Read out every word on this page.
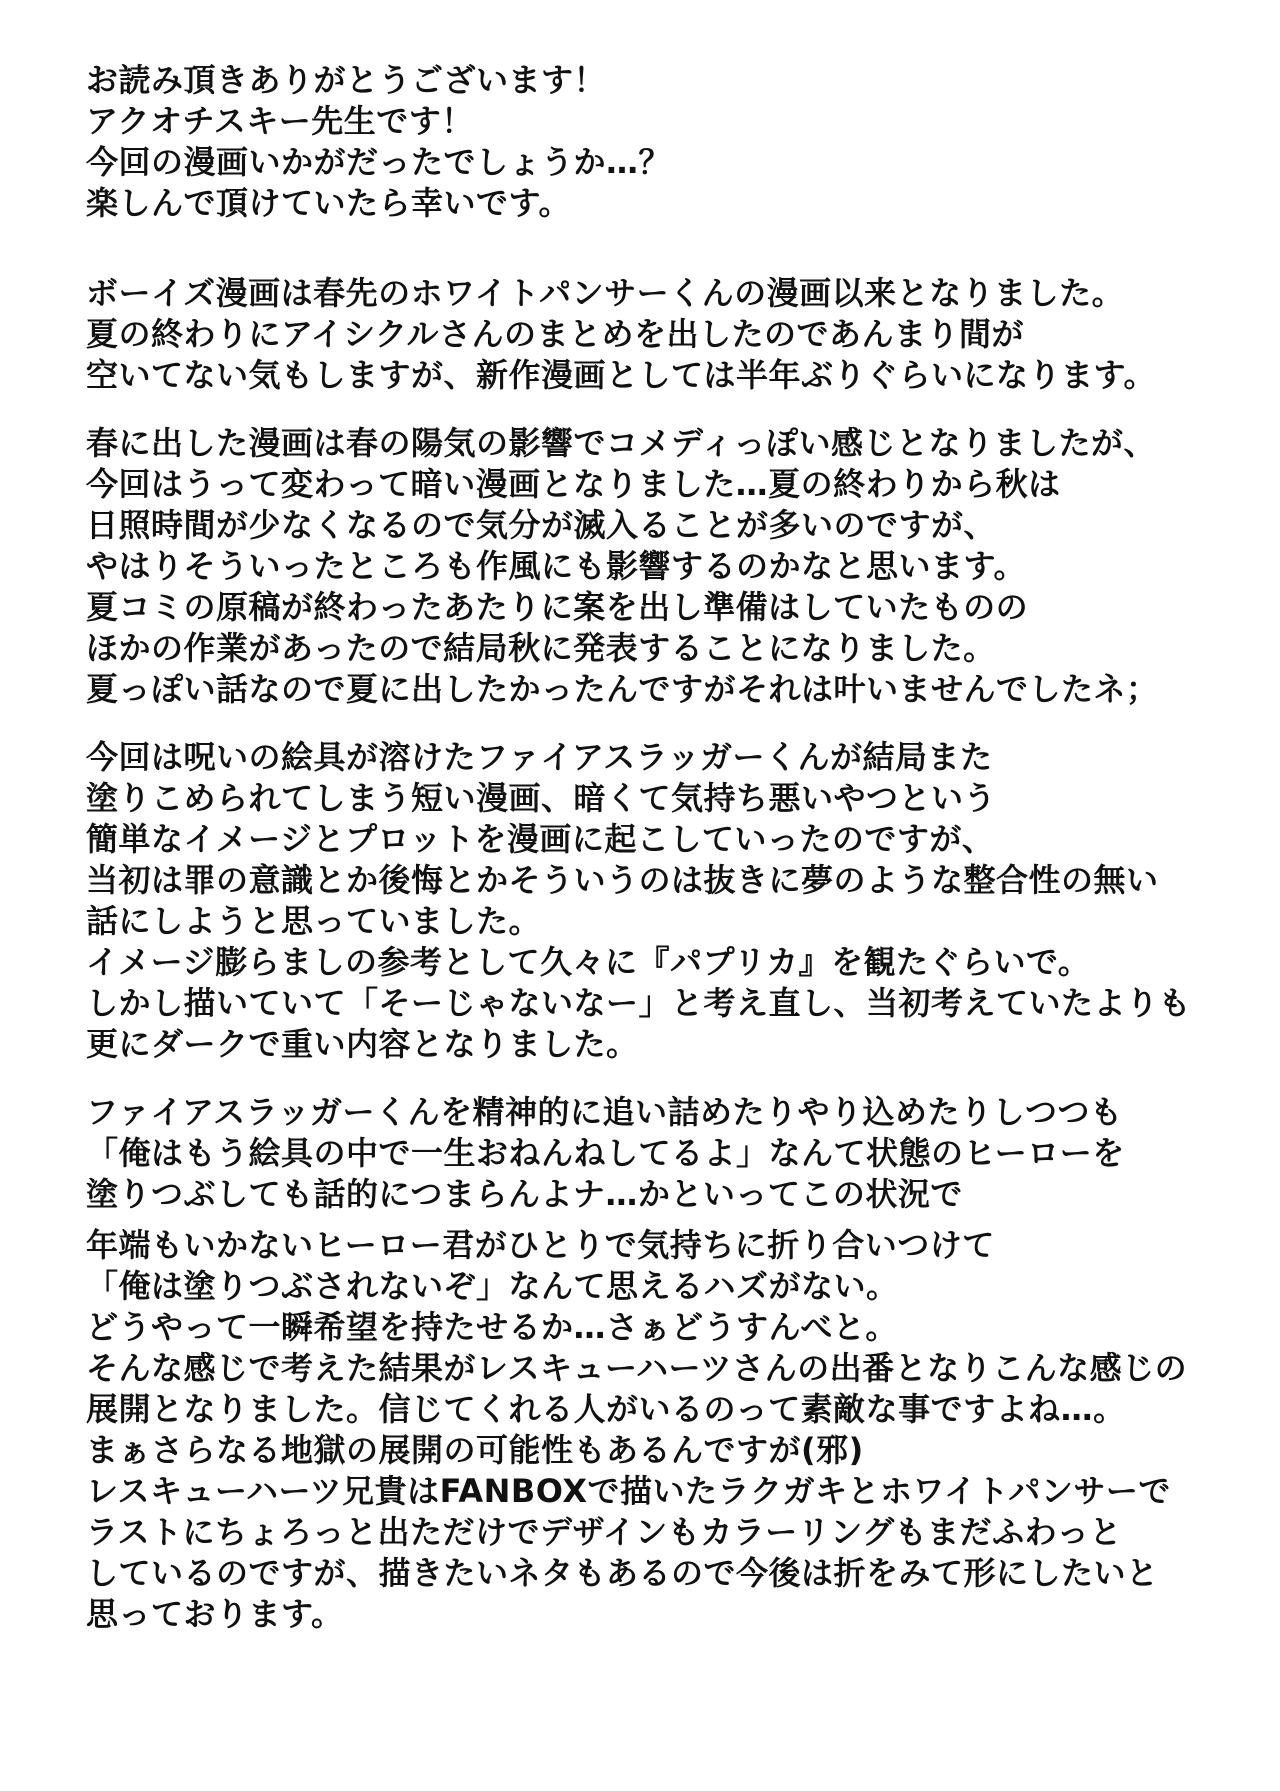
お読み頂きありがとうございます！
アクオチスキー先生です！
今回の漫画いかがだったでしょうか…？
楽しんで頂けていたら幸いです。
ボーイズ漫画は春先のホワイトパンサーくんの漫画以来となりました。
夏の終わりにアイシクルさんのまとめを出したのであんまり間が
空いてない気もしますが、新作漫画としては半年ぶりぐらいになります。
春に出した漫画は春の陽気の影響でコメディっぽい感じとなりましたが、
今回はうって変わって暗い漫画となりました…夏の終わりから秋は
日照時間が少なくなるので気分が滅入ることが多いのですが、
やはりそういったところも作風にも影響するのかなと思います。
夏コミの原稿が終わったあたりに案を出し準備はしていたものの
ほかの作業があったので結局秋に発表することになりました。
夏っぽい話なので夏に出したかったんですがそれは叶いませんでしたネ；
今回は呪いの絵具が溶けたファイアスラッガーくんが結局また
塗りこめられてしまう短い漫画、暗くて気持ち悪いやつという
簡単なイメージとプロットを漫画に起こしていったのですが、
当初は罪の意識とか後悔とかそういうのは抜きに夢のような整合性の無い
話にしようと思っていました。
イメージ膨らましの参考として久々に『パプリカ』を観たぐらいで。
しかし描いていて「そーじゃないなー」と考え直し、当初考えていたよりも
更にダークで重い内容となりました。
ファイアスラッガーくんを精神的に追い詰めたりやり込めたりしつつも
「俺はもう絵具の中で一生おねんねしてるよ」なんて状態のヒーローを
塗りつぶしても話的につまらんよナ…かといってこの状況で
年端もいかないヒーロー君がひとりで気持ちに折り合いつけて
「俺は塗りつぶされないぞ」なんて思えるハズがない。
どうやって一瞬希望を持たせるか…さぁどうすんべと。
そんな感じで考えた結果がレスキューハーツさんの出番となりこんな感じの
展開となりました。信じてくれる人がいるのって素敵な事ですよね…。
まぁさらなる地獄の展開の可能性もあるんですが(邪)
レスキューハーツ兄貴はFANBOXで描いたラクガキとホワイトパンサーで
ラストにちょろっと出ただけでデザインもカラーリングもまだふわっと
しているのですが、描きたいネタもあるので今後は折をみて形にしたいと
思っております。
